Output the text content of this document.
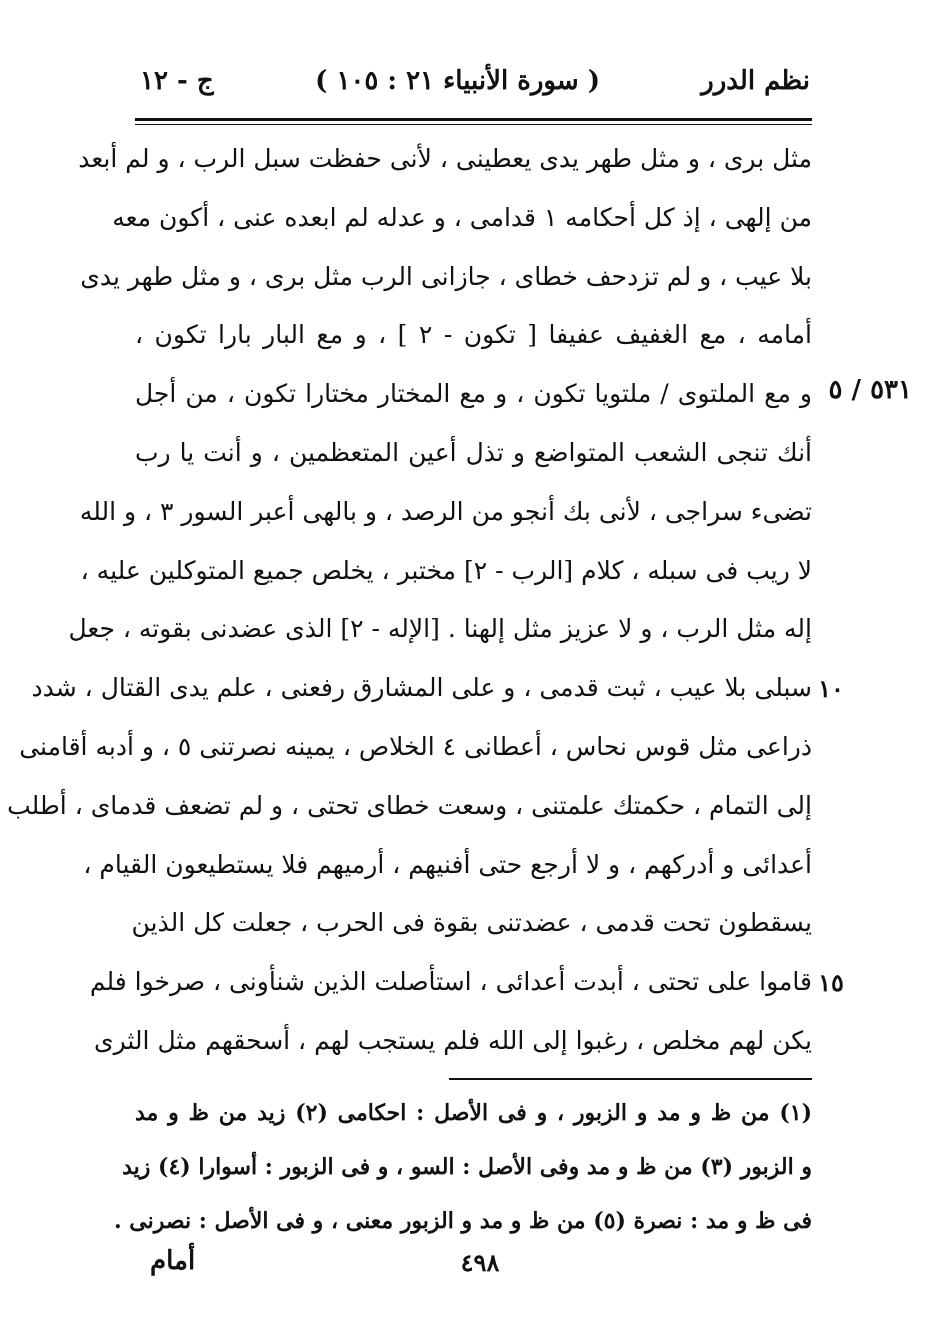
نظم الدرر
( سورة الأنبياء ٢١ : ١٠٥ )
ج - ١٢
٥٣١ / ٥
١٠
١٥
مثل برى ، و مثل طهر يدى يعطينى ، لأنى حفظت سبل الرب ، و لم أبعد
من إلهى ، إذ كل أحكامه ١ قدامى ، و عدله لم ابعده عنى ، أكون معه
بلا عيب ، و لم تزدحف خطاى ، جازانى الرب مثل برى ، و مثل طهر يدى
أمامه ، مع الغفيف عفيفا [ تكون - ٢ ] ، و مع البار بارا تكون ،
و مع الملتوى / ملتويا تكون ، و مع المختار مختارا تكون ، من أجل
أنك تنجى الشعب المتواضع و تذل أعين المتعظمين ، و أنت يا رب
تضىء سراجى ، لأنى بك أنجو من الرصد ، و بالهى أعبر السور ٣ ، و الله
لا ريب فى سبله ، كلام [الرب - ٢] مختبر ، يخلص جميع المتوكلين عليه ،
إله مثل الرب ، و لا عزيز مثل إلهنا . [الإله - ٢] الذى عضدنى بقوته ، جعل
سبلى بلا عيب ، ثبت قدمى ، و على المشارق رفعنى ، علم يدى القتال ، شدد
ذراعى مثل قوس نحاس ، أعطانى ٤ الخلاص ، يمينه نصرتنى ٥ ، و أدبه أقامنى
إلى التمام ، حكمتك علمتنى ، وسعت خطاى تحتى ، و لم تضعف قدماى ، أطلب
أعدائى و أدركهم ، و لا أرجع حتى أفنيهم ، أرميهم فلا يستطيعون القيام ،
يسقطون تحت قدمى ، عضدتنى بقوة فى الحرب ، جعلت كل الذين
قاموا على تحتى ، أبدت أعدائى ، استأصلت الذين شنأونى ، صرخوا فلم
يكن لهم مخلص ، رغبوا إلى الله فلم يستجب لهم ، أسحقهم مثل الثرى
(١) من ظ و مد و الزبور ، و فى الأصل : احكامى (٢) زيد من ظ و مد
و الزبور (٣) من ظ و مد وفى الأصل : السو ، و فى الزبور : أسوارا (٤) زيد
فى ظ و مد : نصرة (٥) من ظ و مد و الزبور معنى ، و فى الأصل : نصرنى .
أمام	٤٩٨
